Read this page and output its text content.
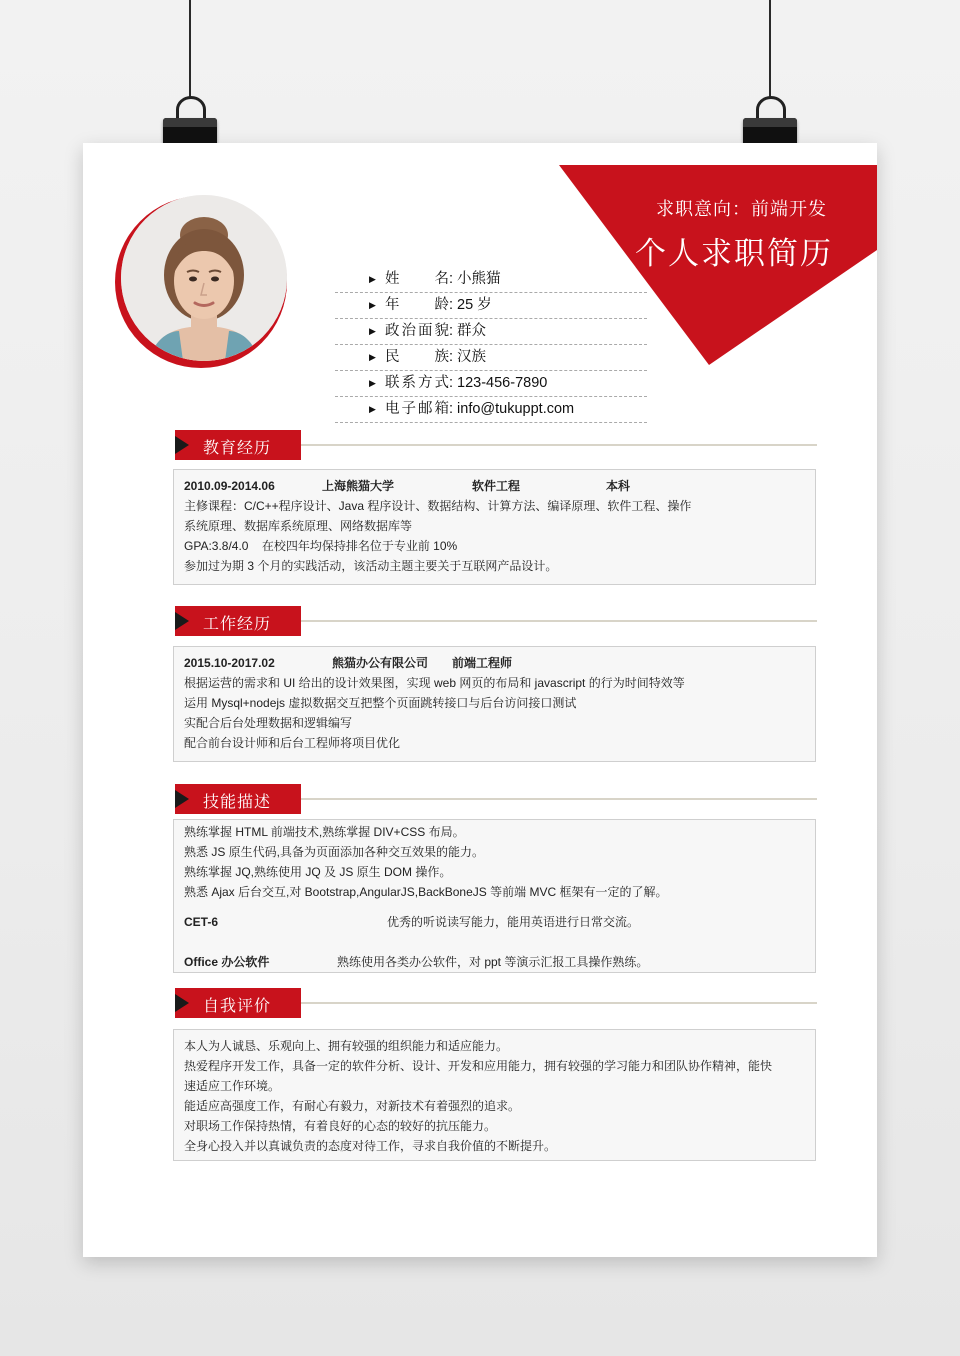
求职意向：前端开发
个人求职简历
▶ 姓名: 小熊猫
▶ 年龄: 25 岁
▶ 政治面貌: 群众
▶ 民族: 汉族
▶ 联系方式: 123-456-7890
▶ 电子邮箱: info@tukuppt.com
教育经历
2010.09-2014.06	上海熊猫大学	软件工程	本科
主修课程：C/C++程序设计、Java 程序设计、数据结构、计算方法、编译原理、软件工程、操作
系统原理、数据库系统原理、网络数据库等
GPA:3.8/4.0    在校四年均保持排名位于专业前 10%
参加过为期 3 个月的实践活动，该活动主题主要关于互联网产品设计。
工作经历
2015.10-2017.02	熊猫办公有限公司 前端工程师
根据运营的需求和 UI 给出的设计效果图，实现 web 网页的布局和 javascript 的行为时间特效等
运用 Mysql+nodejs 虚拟数据交互把整个页面跳转接口与后台访问接口测试
实配合后台处理数据和逻辑编写
配合前台设计师和后台工程师将项目优化
技能描述
熟练掌握 HTML 前端技术,熟练掌握 DIV+CSS 布局。
熟悉 JS 原生代码,具备为页面添加各种交互效果的能力。
熟练掌握 JQ,熟练使用 JQ 及 JS 原生 DOM 操作。
熟悉 Ajax 后台交互,对 Bootstrap,AngularJS,BackBoneJS 等前端 MVC 框架有一定的了解。
CET-6	优秀的听说读写能力，能用英语进行日常交流。
Office 办公软件	熟练使用各类办公软件，对 ppt 等演示汇报工具操作熟练。
自我评价
本人为人诚恳、乐观向上、拥有较强的组织能力和适应能力。
热爱程序开发工作，具备一定的软件分析、设计、开发和应用能力，拥有较强的学习能力和团队协作精神，能快
速适应工作环境。
能适应高强度工作，有耐心有毅力，对新技术有着强烈的追求。
对职场工作保持热情，有着良好的心态的较好的抗压能力。
全身心投入并以真诚负责的态度对待工作，寻求自我价值的不断提升。
